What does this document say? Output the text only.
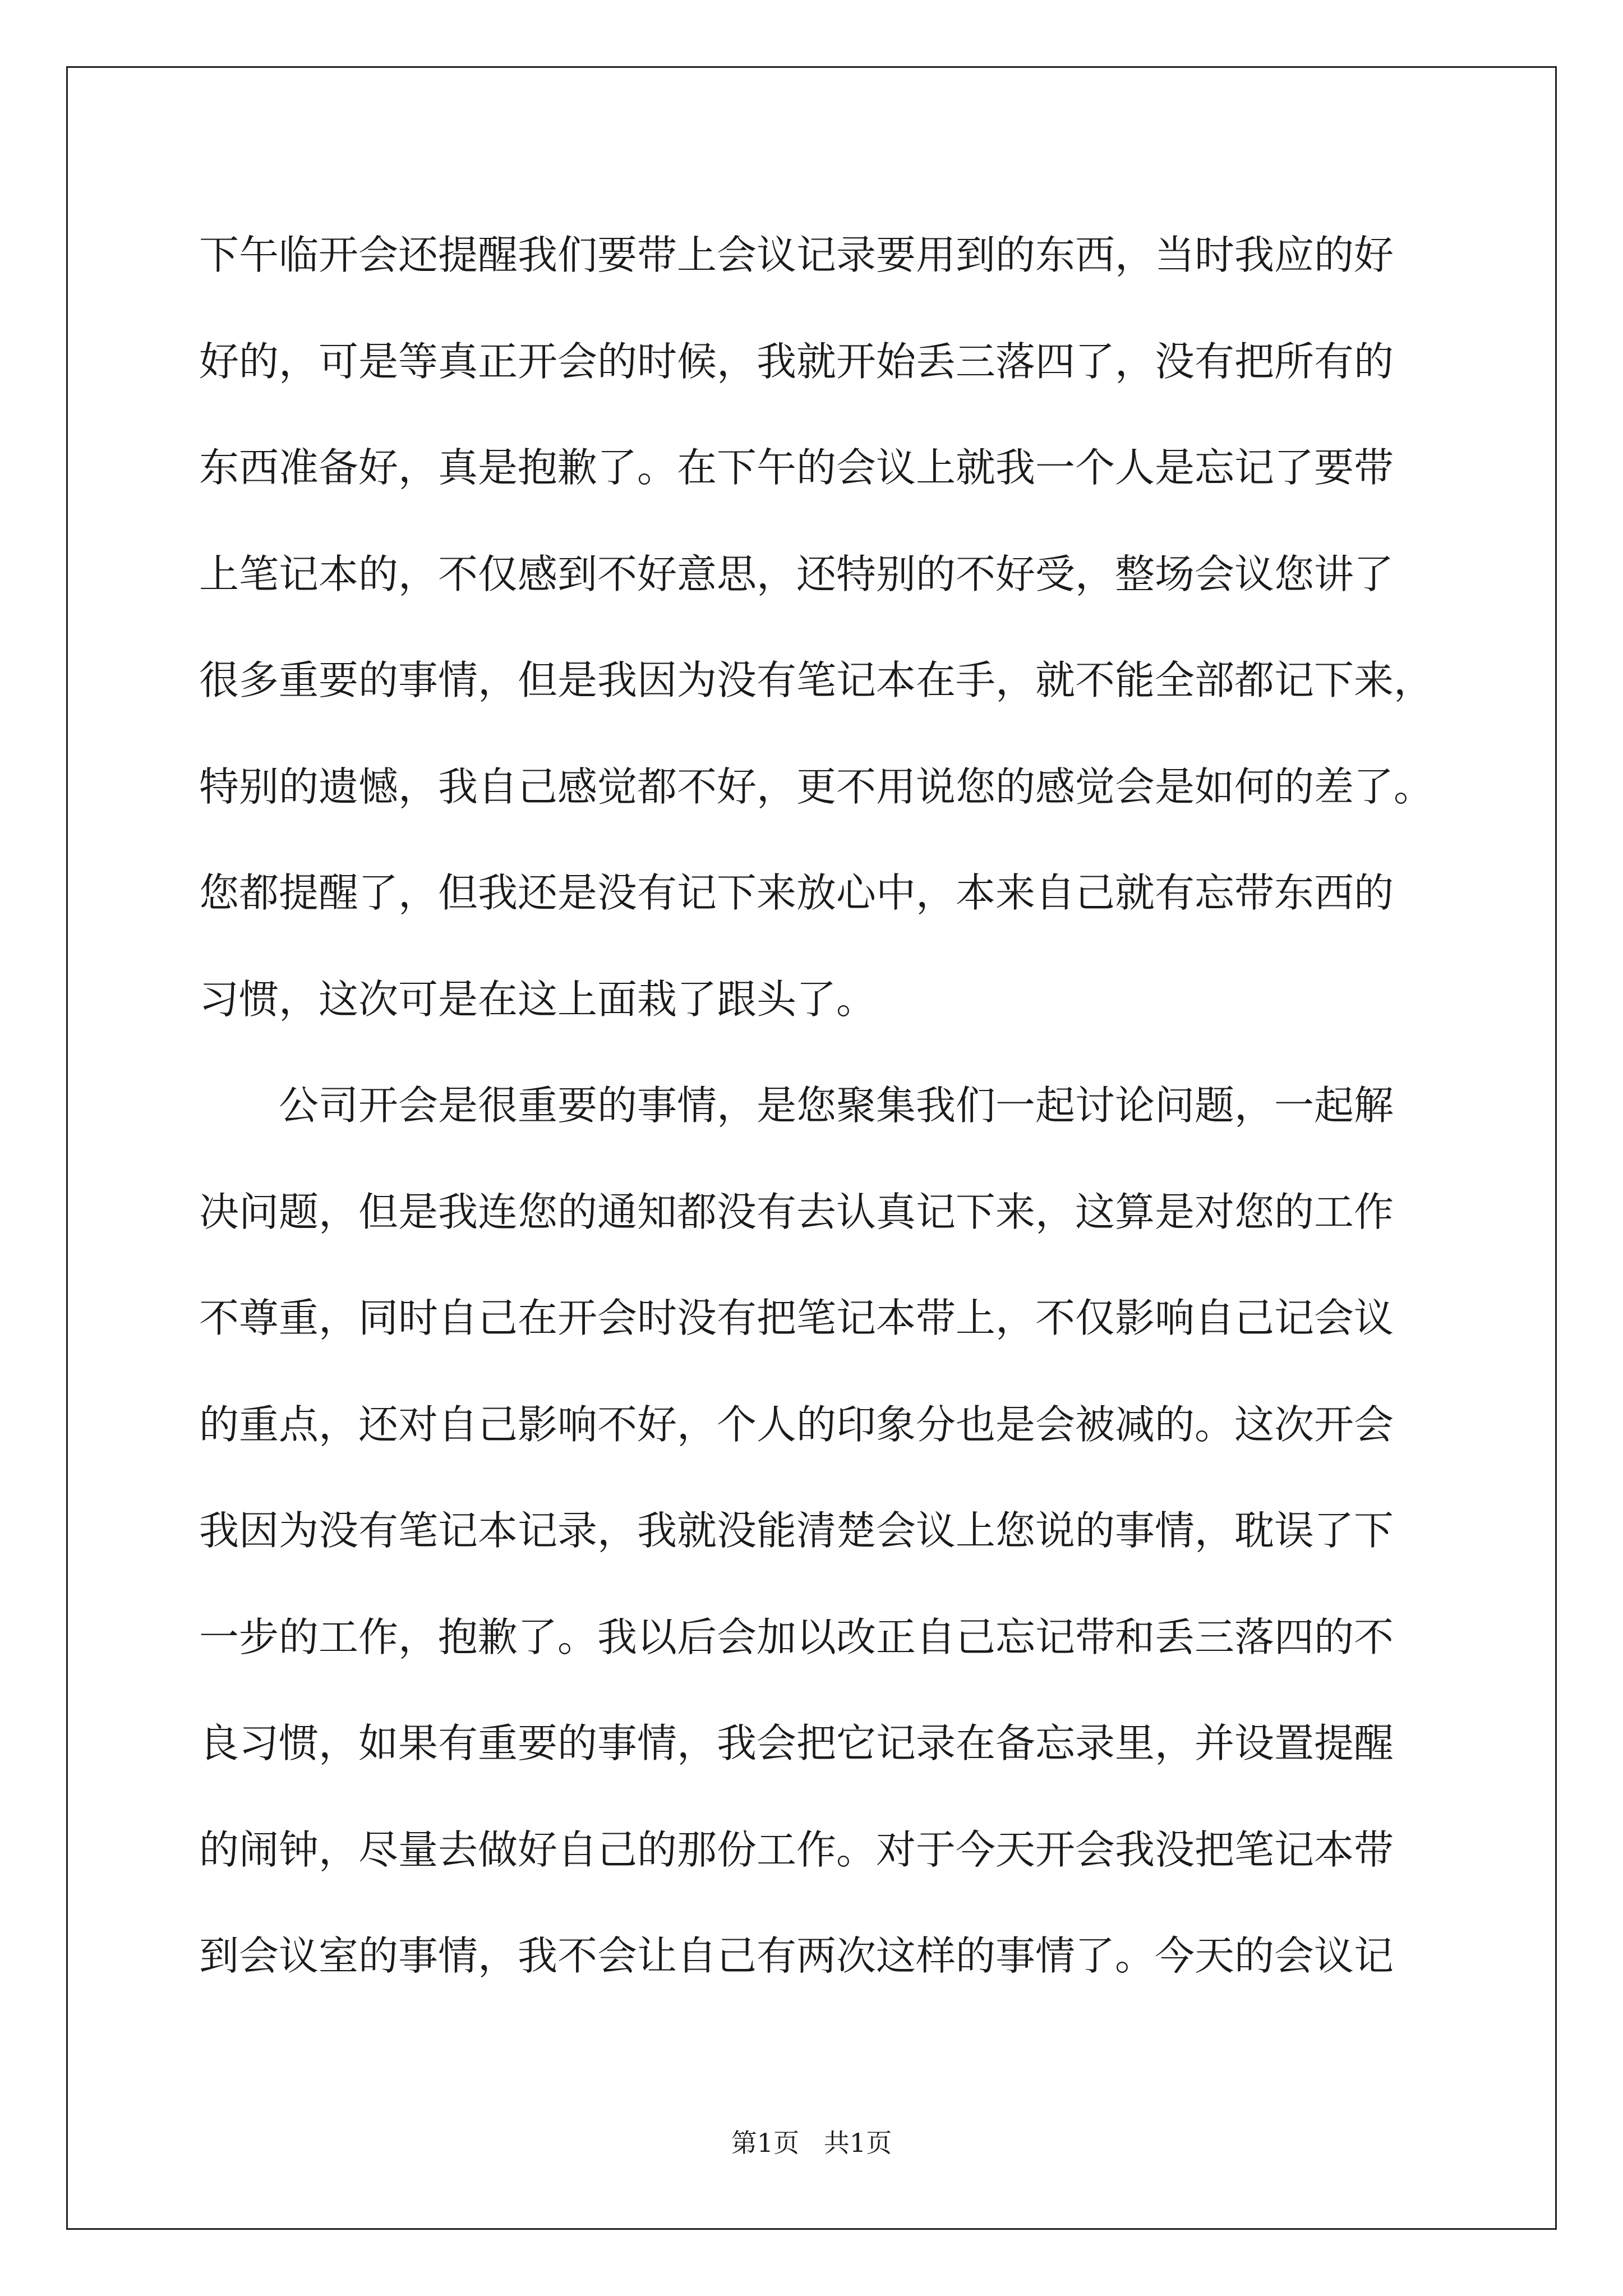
下午临开会还提醒我们要带上会议记录要用到的东西，当时我应的好
好的，可是等真正开会的时候，我就开始丢三落四了，没有把所有的
东西准备好，真是抱歉了。在下午的会议上就我一个人是忘记了要带
上笔记本的，不仅感到不好意思，还特别的不好受，整场会议您讲了
很多重要的事情，但是我因为没有笔记本在手，就不能全部都记下来，
特别的遗憾，我自己感觉都不好，更不用说您的感觉会是如何的差了。
您都提醒了，但我还是没有记下来放心中，本来自己就有忘带东西的
习惯，这次可是在这上面栽了跟头了。

公司开会是很重要的事情，是您聚集我们一起讨论问题，一起解
决问题，但是我连您的通知都没有去认真记下来，这算是对您的工作
不尊重，同时自己在开会时没有把笔记本带上，不仅影响自己记会议
的重点，还对自己影响不好，个人的印象分也是会被减的。这次开会
我因为没有笔记本记录，我就没能清楚会议上您说的事情，耽误了下
一步的工作，抱歉了。我以后会加以改正自己忘记带和丢三落四的不
良习惯，如果有重要的事情，我会把它记录在备忘录里，并设置提醒
的闹钟，尽量去做好自己的那份工作。对于今天开会我没把笔记本带
到会议室的事情，我不会让自己有两次这样的事情了。今天的会议记

第1页   共1页
